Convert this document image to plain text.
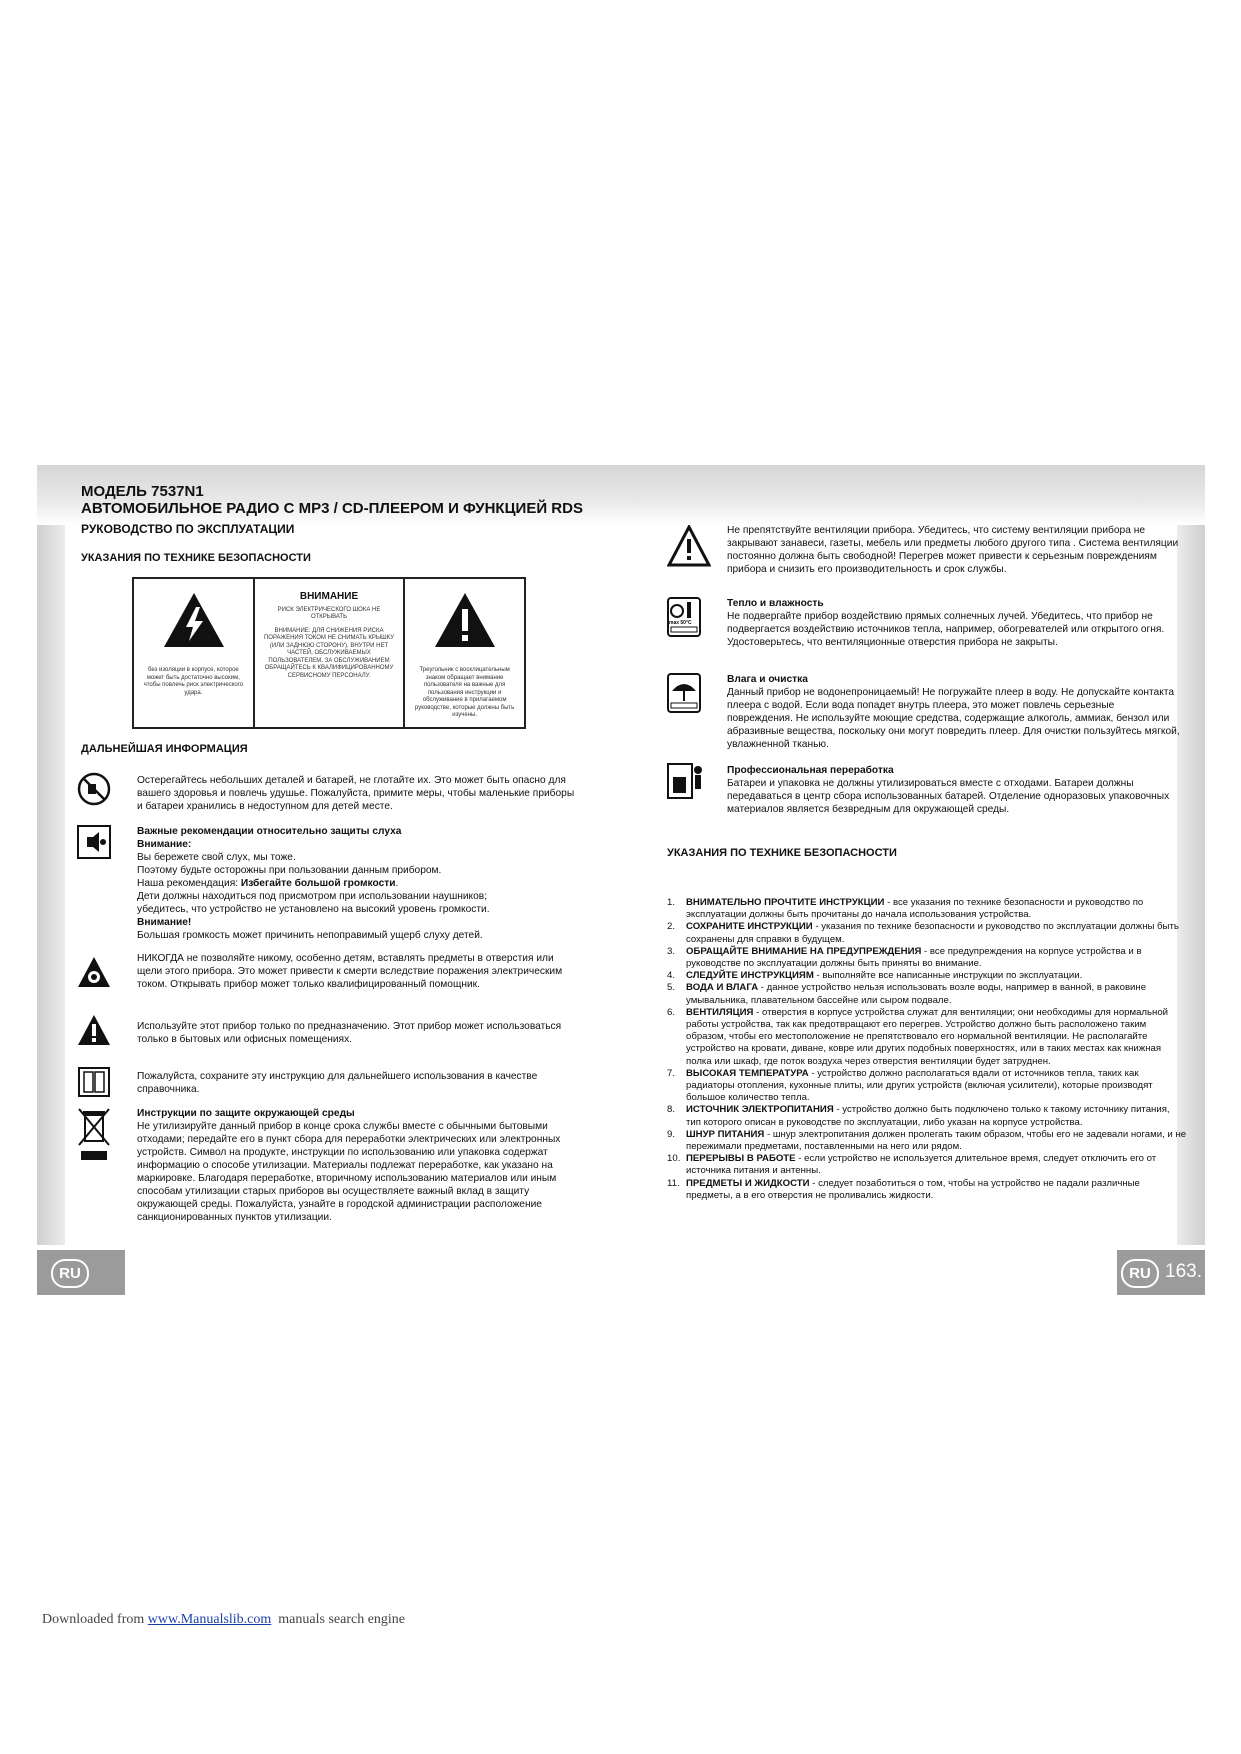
МОДЕЛЬ 7537N1
АВТОМОБИЛЬНОЕ РАДИО С MP3 / CD-ПЛЕЕРОМ И ФУНКЦИЕЙ RDS
РУКОВОДСТВО ПО ЭКСПЛУАТАЦИИ
УКАЗАНИЯ ПО ТЕХНИКЕ БЕЗОПАСНОСТИ
без изоляции в корпусе, которое может быть достаточно высоким, чтобы повлечь риск электрического удара.
ВНИМАНИЕ
РИСК ЭЛЕКТРИЧЕСКОГО ШОКА НЕ ОТКРЫВАТЬ
ВНИМАНИЕ: ДЛЯ СНИЖЕНИЯ РИСКА ПОРАЖЕНИЯ ТОКОМ НЕ СНИМАТЬ КРЫШКУ (ИЛИ ЗАДНЮЮ СТОРОНУ). ВНУТРИ НЕТ ЧАСТЕЙ, ОБСЛУЖИВАЕМЫХ ПОЛЬЗОВАТЕЛЕМ. ЗА ОБСЛУЖИВАНИЕМ ОБРАЩАЙТЕСЬ К КВАЛИФИЦИРОВАННОМУ СЕРВИСНОМУ ПЕРСОНАЛУ.
Треугольник с восклицательным знаком обращает внимание пользователя на важные для пользования инструкции и обслуживание в прилагаемом руководстве, которые должны быть изучены.
ДАЛЬНЕЙШАЯ ИНФОРМАЦИЯ
Остерегайтесь небольших деталей и батарей, не глотайте их. Это может быть опасно для вашего здоровья и повлечь удушье. Пожалуйста, примите меры, чтобы маленькие приборы и батареи хранились в недоступном для детей месте.
Важные рекомендации относительно защиты слуха
Внимание:
Вы бережете свой слух, мы тоже.
Поэтому будьте осторожны при пользовании данным прибором.
Наша рекомендация: Избегайте большой громкости.
Дети должны находиться под присмотром при использовании наушников;
убедитесь, что устройство не установлено на высокий уровень громкости.
Внимание!
Большая громкость может причинить непоправимый ущерб слуху детей.
НИКОГДА не позволяйте никому, особенно детям, вставлять предметы в отверстия или щели этого прибора. Это может привести к смерти вследствие поражения электрическим током. Открывать прибор может только квалифицированный помощник.
Используйте этот прибор только по предназначению. Этот прибор может использоваться только в бытовых или офисных помещениях.
Пожалуйста, сохраните эту инструкцию для дальнейшего использования в качестве справочника.
Инструкции по защите окружающей среды
Не утилизируйте данный прибор в конце срока службы вместе с обычными бытовыми отходами; передайте его в пункт сбора для переработки электрических или электронных устройств. Символ на продукте, инструкции по использованию или упаковка содержат информацию о способе утилизации. Материалы подлежат переработке, как указано на маркировке. Благодаря переработке, вторичному использованию материалов или иным способам утилизации старых приборов вы осуществляете важный вклад в защиту окружающей среды. Пожалуйста, узнайте в городской администрации расположение санкционированных пунктов утилизации.
Не препятствуйте вентиляции прибора. Убедитесь, что систему вентиляции прибора не закрывают занавеси, газеты, мебель или предметы любого другого типа . Система вентиляции постоянно должна быть свободной! Перегрев может привести к серьезным повреждениям прибора и снизить его производительность и срок службы.
max 50°C
Тепло и влажность
Не подвергайте прибор воздействию прямых солнечных лучей. Убедитесь, что прибор не подвергается воздействию источников тепла, например, обогревателей или открытого огня. Удостоверьтесь, что вентиляционные отверстия прибора не закрыты.
Влага и очистка
Данный прибор не водонепроницаемый! Не погружайте плеер в воду. Не допускайте контакта плеера с водой. Если вода попадет внутрь плеера, это может повлечь серьезные повреждения. Не используйте моющие средства, содержащие алкоголь, аммиак, бензол или абразивные вещества, поскольку они могут повредить плеер. Для очистки пользуйтесь мягкой, увлажненной тканью.
Профессиональная переработка
Батареи и упаковка не должны утилизироваться вместе с отходами. Батареи должны передаваться в центр сбора использованных батарей. Отделение одноразовых упаковочных материалов является безвредным для окружающей среды.
УКАЗАНИЯ ПО ТЕХНИКЕ БЕЗОПАСНОСТИ
1.	ВНИМАТЕЛЬНО ПРОЧТИТЕ ИНСТРУКЦИИ - все указания по технике безопасности и руководство по эксплуатации должны быть прочитаны до начала использования устройства.
2.	СОХРАНИТЕ ИНСТРУКЦИИ - указания по технике безопасности и руководство по эксплуатации должны быть сохранены для справки в будущем.
3.	ОБРАЩАЙТЕ ВНИМАНИЕ НА ПРЕДУПРЕЖДЕНИЯ - все предупреждения на корпусе устройства и в руководстве по эксплуатации должны быть приняты во внимание.
4.	СЛЕДУЙТЕ ИНСТРУКЦИЯМ - выполняйте все написанные инструкции по эксплуатации.
5.	ВОДА И ВЛАГА - данное устройство нельзя использовать возле воды, например в ванной, в раковине умывальника, плавательном бассейне или сыром подвале.
6.	ВЕНТИЛЯЦИЯ - отверстия в корпусе устройства служат для вентиляции; они необходимы для нормальной работы устройства, так как предотвращают его перегрев. Устройство должно быть расположено таким образом, чтобы его местоположение не препятствовало его нормальной вентиляции. Не располагайте устройство на кровати, диване, ковре или других подобных поверхностях, или в таких местах как книжная полка или шкаф, где поток воздуха через отверстия вентиляции будет затруднен.
7.	ВЫСОКАЯ ТЕМПЕРАТУРА - устройство должно располагаться вдали от источников тепла, таких как радиаторы отопления, кухонные плиты, или других устройств (включая усилители), которые производят большое количество тепла.
8.	ИСТОЧНИК ЭЛЕКТРОПИТАНИЯ - устройство должно быть подключено только к такому источнику питания, тип которого описан в руководстве по эксплуатации, либо указан на корпусе устройства.
9.	ШНУР ПИТАНИЯ - шнур электропитания должен пролегать таким образом, чтобы его не задевали ногами, и не пережимали предметами, поставленными на него или рядом.
10. ПЕРЕРЫВЫ В РАБОТЕ - если устройство не используется длительное время, следует отключить его от источника питания и антенны.
11. ПРЕДМЕТЫ И ЖИДКОСТИ - следует позаботиться о том, чтобы на устройство не падали различные предметы, а в его отверстия не проливались жидкости.
RU	RU 163.
Downloaded from www.Manualslib.com  manuals search engine
